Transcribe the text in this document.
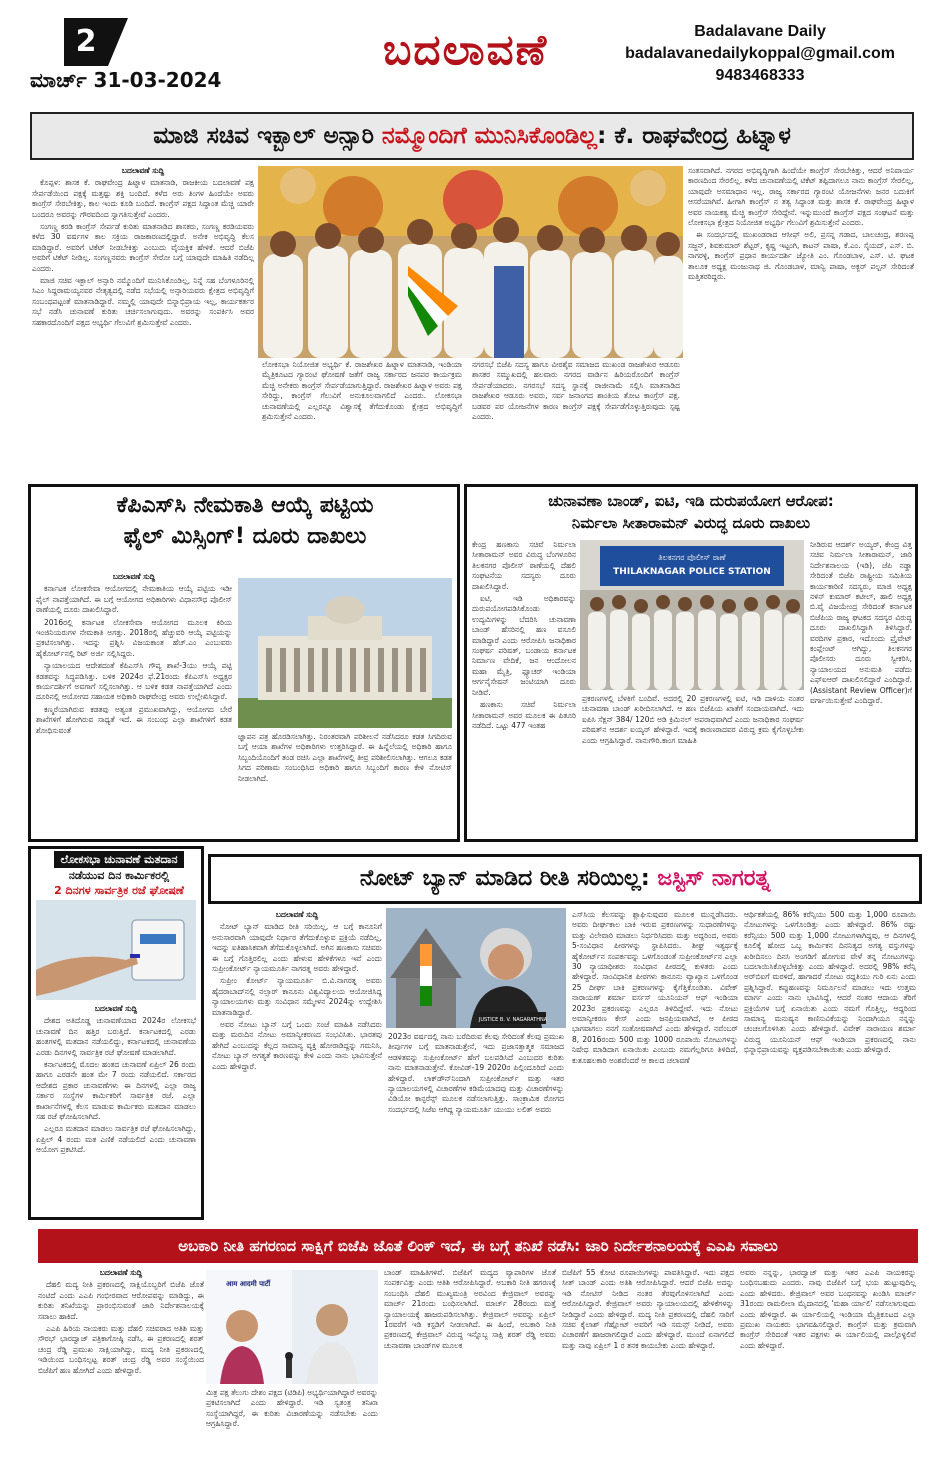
2
ಮಾರ್ಚ್ 31-03-2024
ಬದಲಾವಣೆ	Badalavane Daily
badalavanedailykoppal@gmail.com
9483468333
ಮಾಜಿ ಸಚಿವ ಇಕ್ಬಾಲ್ ಅನ್ಸಾರಿ ನಮ್ಮೊಂದಿಗೆ ಮುನಿಸಿಕೊಂಡಿಲ್ಲ: ಕೆ. ರಾಘವೇಂದ್ರ ಹಿಟ್ನಾಳ
ಬದಲಾವಣೆ ಸುದ್ದಿ

ಕೊಪ್ಪಳ: ಶಾಸಕ ಕೆ. ರಾಘವೇಂದ್ರ ಹಿಟ್ನಾಳ ಮಾತನಾಡಿ, ರಾಜಕೀಯ ಬದಲಾವಣೆ ಪಕ್ಷ ಸೇರ್ಪಡೆಯಿಂದ ಪಕ್ಷಕ್ಕೆ ಮತ್ತಷ್ಟು ಶಕ್ತಿ ಬಂದಿದೆ. ಕಳೆದ ಅರು ತಿಂಗಳ ಹಿಂದೆಯೇ ಅವರು ಕಾಂಗ್ರೆಸ್ ಸೇರಬೇಕಿತ್ತು, ಕಾಲ ಇಂದು ಕೂಡಿ ಬಂದಿದೆ. ಕಾಂಗ್ರೆಸ್ ಪಕ್ಷದ ಸಿದ್ಧಾಂತ ಮೆಚ್ಚಿ ಯಾರೇ ಬಂದರೂ ಅವರನ್ನು ಗೌರವದಿಂದ ಸ್ವಾಗತಿಸುತ್ತೇವೆ ಎಂದರು.

ಸಂಗಣ್ಣ ಕರಡಿ ಕಾಂಗ್ರೆಸ್ ಸೇರ್ಪಡೆ ಕುರಿತು ಮಾತನಾಡಿದ ಶಾಸಕರು, ಸಂಗಣ್ಣ ಕರಡಿಯವರು ಕಳೆದ 30 ವರ್ಷಗಳ ಕಾಲ ಸಕ್ರಿಯ ರಾಜಕಾರಣದಲ್ಲಿದ್ದಾರೆ. ಅನೇಕ ಅಭಿವೃದ್ಧಿ ಕೆಲಸ ಮಾಡಿದ್ದಾರೆ. ಅವರಿಗೆ ಟಿಕೆಟ್ ನೀಡಬೇಕಿತ್ತು ಎಂಬುದು ವೈಯಕ್ತಿಕ ಹೇಳಿಕೆ. ಆದರೆ ಬಿಜೆಪಿ ಅವರಿಗೆ ಟಿಕೆಟ್ ನೀಡಿಲ್ಲ. ಸಂಗಣ್ಣನವರು ಕಾಂಗ್ರೆಸ್ ಸೇರೋ ಬಗ್ಗೆ ಯಾವುದೇ ಮಾಹಿತಿ ನಡೆದಿಲ್ಲ ಎಂದರು.

ಮಾಜಿ ಸಚಿವ ಇಕ್ಬಾಲ್ ಅನ್ಸಾರಿ ನಮ್ಮೊಂದಿಗೆ ಮುನಿಸಿಕೊಂಡಿಲ್ಲ, ನಿನ್ನೆ ಸಹ ಬೆಂಗಳೂರಿನಲ್ಲಿ ಸಿಎಂ ಸಿದ್ದರಾಮಯ್ಯನವರ ನೇತೃತ್ವದಲ್ಲಿ ನಡೆದ ಸಭೆಯಲ್ಲಿ ಅನ್ಸಾರಿಯವರು ಕ್ಷೇತ್ರದ ಅಭಿವೃದ್ಧಿಗೆ ಸಂಬಂಧಪಟ್ಟಂತೆ ಮಾತನಾಡಿದ್ದಾರೆ. ನಮ್ಮಲ್ಲಿ ಯಾವುದೇ ಬಿನ್ನಾಭಿಪ್ರಾಯ ಇಲ್ಲ, ಕಾರ್ಯಕರ್ತರ ಸಭೆ ನಡೆಸಿ ಚುನಾವಣೆ ಕುರಿತು ಚರ್ಚಿಸಲಾಗುವುದು. ಅವರನ್ನು ಸಂಪರ್ಕಿಸಿ ಅವರ ಸಹಕಾರದೊಂದಿಗೆ ಪಕ್ಷದ ಅಭ್ಯರ್ಥಿ ಗೆಲುವಿಗೆ ಶ್ರಮಿಸುತ್ತೇವೆ ಎಂದರು.

ಲೋಕಸಭಾ ನಿಯೋಜಿತ ಅಭ್ಯರ್ಥಿ ಕೆ. ರಾಜಶೇಖರ ಹಿಟ್ನಾಳ ಮಾತನಾಡಿ, ಇಂಡಿಯಾ ಮೈತ್ರಿಕೂಟದ ಗ್ಯಾರಂಟಿ ಘೋಷಣೆ ಜತೆಗೆ ರಾಜ್ಯ ಸರ್ಕಾರದ ಜನಪರ ಕಾರ್ಯಕ್ರಮ ಮೆಚ್ಚಿ ಅನೇಕರು ಕಾಂಗ್ರೆಸ್ ಸೇರ್ಪಡೆಯಾಗುತ್ತಿದ್ದಾರೆ. ರಾಜಶೇಖರ ಹಿಟ್ನಾಳ ಅವರು ಪಕ್ಷ ಸೇರಿದ್ದು, ಕಾಂಗ್ರೆಸ್ ಗೆಲುವಿಗೆ ಅನುಕೂಲವಾಗಲಿದೆ ಎಂದರು. ಲೋಕಸಭಾ ಚುನಾವಣೆಯಲ್ಲಿ ಎಲ್ಲರನ್ನೂ ವಿಶ್ವಾಸಕ್ಕೆ ತೆಗೆದುಕೊಂಡು ಕ್ಷೇತ್ರದ ಅಭಿವೃದ್ಧಿಗೆ ಶ್ರಮಿಸುತ್ತೇನೆ ಎಂದರು.
ನಗರಸಭೆ ಬಿಜೆಪಿ ಸದಸ್ಯ ಹಾಗೂ ವೀರಶೈವ ಸಮಾಜದ ಮುಖಂಡ ರಾಜಶೇಖರ ಆಡೂರು ಶಾಸಕರ ಸಮ್ಮುಖದಲ್ಲಿ ಹಲವಾರು ನಗರದ ವಾರ್ಡಿನ ಹಿರಿಯರೊಂದಿಗೆ ಕಾಂಗ್ರೆಸ್ ಸೇರ್ಪಡೆಯಾದರು. ನಗರಸಭೆ ಸದಸ್ಯ ಸ್ಥಾನಕ್ಕೆ ರಾಜೀನಾಮೆ ಸಲ್ಲಿಸಿ ಮಾತನಾಡಿದ ರಾಜಶೇಖರ ಆಡೂರು ಅವರು, ಸರ್ವ ಜನಾಂಗದ ಶಾಂತಿಯ ತೋಟ ಕಾಂಗ್ರೆಸ್ ಪಕ್ಷ. ಬಡವರ ಪರ ಯೋಜನೆಗಳ ಕಾರಣ ಕಾಂಗ್ರೆಸ್ ಪಕ್ಷಕ್ಕೆ ಸೇರ್ಪಡೆಗೊಳ್ಳುತ್ತಿರುವುದು ಸ್ಪಷ್ಟ ಎಂದರು.

ಸಂತಸವಾಗಿದೆ. ನಗರದ ಅಭಿವೃದ್ಧಿಗಾಗಿ ಹಿಂದೆಯೇ ಕಾಂಗ್ರೆಸ್ ಸೇರಬೇಕಿತ್ತು, ಆದರೆ ಅನಿವಾರ್ಯ ಕಾರಣದಿಂದ ಸೇರಲಿಲ್ಲ. ಕಳೆದ ಚುನಾವಣೆಯಲ್ಲಿ ಟಿಕೆಟ್ ತಪ್ಪಿದಾಗಲೂ ನಾನು ಕಾಂಗ್ರೆಸ್ ಸೇರಲಿಲ್ಲ, ಯಾವುದೇ ಅಸಮಾಧಾನ ಇಲ್ಲ. ರಾಜ್ಯ ಸರ್ಕಾರದ ಗ್ಯಾರಂಟಿ ಯೋಜನೆಗಳು ಜನರ ಬದುಕಿಗೆ ಆಸರೆಯಾಗಿವೆ. ಹೀಗಾಗಿ ಕಾಂಗ್ರೆಸ್ ನ ತತ್ವ ಸಿದ್ಧಾಂತ ಮತ್ತು ಶಾಸಕ ಕೆ. ರಾಘವೇಂದ್ರ ಹಿಟ್ನಾಳ ಅವರ ನಾಯಕತ್ವ ಮೆಚ್ಚಿ ಕಾಂಗ್ರೆಸ್ ಸೇರಿದ್ದೇನೆ. ಇನ್ನುಮುಂದೆ ಕಾಂಗ್ರೆಸ್ ಪಕ್ಷದ ಸಂಘಟನೆ ಮತ್ತು ಲೋಕಸಭಾ ಕ್ಷೇತ್ರದ ನಿಯೋಜಿತ ಅಭ್ಯರ್ಥಿ ಗೆಲುವಿಗೆ ಶ್ರಮಿಸುತ್ತೇನೆ ಎಂದರು.

ಈ ಸಂದರ್ಭದಲ್ಲಿ ಮುಖಂಡರಾದ ಆಸೀಫ್ ಅಲಿ, ಪ್ರಸನ್ನ ಗಡಾದ, ಬಾಲಚಂದ್ರ, ಶರಣಪ್ಪ ಸಜ್ಜನ್, ಶಿವಕುಮಾರ್ ಶೆಟ್ಟರ್, ಕೃಷ್ಣ ಇಟ್ಟಂಗಿ, ಕಾಟನ್ ಪಾಷಾ, ಕೆ.ಎಂ. ಸೈಯದ್, ಎಸ್. ಬಿ. ನಾಗರಳ್ಳಿ, ಕಾಂಗ್ರೆಸ್ ಪ್ರಧಾನ ಕಾರ್ಯದರ್ಶಿ ಜ್ಯೋತಿ ಎಂ. ಗೊಂಡಬಾಳ, ಎಸ್. ಟಿ. ಘಟಕ ತಾಲೂಕ ಅಧ್ಯಕ್ಷ ಮಂಜುನಾಥ ಜಿ. ಗೊಂಡಬಾಳ, ಮಾನ್ವಿ ಪಾಷಾ, ಅಕ್ಬರ್ ಪಲ್ಟನ್ ಸೇರಿದಂತೆ ಮತ್ತಿತರರಿದ್ದರು.

ಕೆಪಿಎಸ್‌ಸಿ ನೇಮಕಾತಿ ಆಯ್ಕೆ ಪಟ್ಟಿಯ
ಫೈಲ್ ಮಿಸ್ಸಿಂಗ್! ದೂರು ದಾಖಲು
ಬದಲಾವಣೆ ಸುದ್ದಿ

ಕರ್ನಾಟಕ ಲೋಕಸೇವಾ ಆಯೋಗದಲ್ಲಿ ನೇಮಕಾತಿಯ ಆಯ್ಕೆ ಪಟ್ಟಿಯ ಇಡೀ ಫೈಲ್ ನಾಪತ್ತೆಯಾಗಿದೆ. ಈ ಬಗ್ಗೆ ಆಯೋಗದ ಅಧಿಕಾರಿಗಳು ವಿಧಾನಸೌಧ ಪೊಲೀಸ್ ಠಾಣೆಯಲ್ಲಿ ದೂರು ದಾಖಲಿಸಿದ್ದಾರೆ.

2016ರಲ್ಲಿ ಕರ್ನಾಟಕ ಲೋಕಸೇವಾ ಆಯೋಗದ ಮೂಲಕ ಕಿರಿಯ ಇಂಜಿನಿಯರುಗಳ ನೇಮಕಾತಿ ಅಗತ್ತು. 2018ರಲ್ಲಿ ಹೆಚ್ಚುವರಿ ಆಯ್ಕೆ ಪಟ್ಟಿಯನ್ನು ಪ್ರಕಟಿಸಲಾಗಿತ್ತು. ಇದನ್ನು ಪ್ರಶ್ನಿಸಿ ವಿಜಯಕಾಂತ ಹೆಚ್.ಎಂ ಎಂಬುವರು ಹೈಕೋರ್ಟ್‌ನಲ್ಲಿ ರಿಟ್ ಅರ್ಜಿ ಸಲ್ಲಿಸಿದ್ದರು.

ನ್ಯಾಯಾಲಯದ ಆದೇಶದಂತೆ ಕೆಪಿಎಸ್‌ಸಿ ಗೌಪ್ಯ ಶಾಖೆ-3ಯು ಆಯ್ಕೆ ಪಟ್ಟಿ ಕಡತವನ್ನು ಸಿದ್ಧಪಡಿಸಿತ್ತು. ಬಳಿಕ 2024ರ ಫೆ.21ರಂದು ಕೆಪಿಎಸ್‌ಸಿ ಅಧ್ಯಕ್ಷರ ಕಾರ್ಯದರ್ಶಿಗೆ ಅವಗಾಗೆ ಸಲ್ಲಿಸಲಾಗಿತ್ತು. ಆ ಬಳಿಕ ಕಡತ ನಾಪತ್ತೆಯಾಗಿದೆ ಎಂದು ದೂರಿನಲ್ಲಿ ಆಯೋಗದ ಸಹಾಯಕ ಅಧಿಕಾರಿ ರಾಘವೇಂದ್ರ ಅವರು ಉಲ್ಲೇಖಿಸಿದ್ದಾರೆ.

ಕಣ್ಮರೆಯಾಗಿರುವ ಕಡತವು ಅತ್ಯಂತ ಪ್ರಮುಖವಾಗಿದ್ದು, ಆಯೋಗದ ಬೇರೆ ಶಾಖೆಗಳಿಗೆ ಹೋಗಿರುವ ಸಾಧ್ಯತೆ ಇದೆ. ಈ ಸಂಬಂಧ ಎಲ್ಲಾ ಶಾಖೆಗಳಿಗೆ ಕಡತ ಶೋಧಿಸುವಂತೆ

ಜ್ಞಾಪನ ಪತ್ರ ಹೊರಡಿಸಲಾಗಿತ್ತು. ನಿರಂತರವಾಗಿ ಪರಿಶೀಲನೆ ನಡೆಸಿದರೂ ಕಡತ ಸಿಗದಿರುವ ಬಗ್ಗೆ ಆಯಾ ಶಾಖೆಗಳ ಅಧಿಕಾರಿಗಳು ಉತ್ತರಿಸಿದ್ದಾರೆ. ಈ ಹಿನ್ನೆಲೆಯಲ್ಲಿ ಅಧಿಕಾರಿ ಹಾಗೂ ಸಿಬ್ಬಂದಿಯೊಂದಿಗೆ ತಂಡ ರಚಿಸಿ ಎಲ್ಲಾ ಶಾಖೆಗಳಲ್ಲಿ ತೀವ್ರ ಪರಿಶೀಲಿಸಲಾಗಿತ್ತು. ಆಗಲೂ ಕಡತ ಸಿಗದ ಪರಿಣಾಮ ಸಂಬಂಧಿಸಿದ ಅಧಿಕಾರಿ ಹಾಗೂ ಸಿಬ್ಬಂದಿಗೆ ಕಾರಣ ಕೇಳಿ ನೋಟಿಸ್ ನೀಡಲಾಗಿದೆ.
ಚುನಾವಣಾ ಬಾಂಡ್, ಐಟಿ, ಇಡಿ ದುರುಪಯೋಗ ಆರೋಪ:
ನಿರ್ಮಲಾ ಸೀತಾರಾಮನ್ ವಿರುದ್ಧ ದೂರು ದಾಖಲು

ಕೇಂದ್ರ ಹಣಕಾಸು ಸಚಿವೆ ನಿರ್ಮಲಾ ಸೀತಾರಾಮನ್ ಅವರ ವಿರುದ್ಧ ಬೆಂಗಳೂರಿನ ತಿಲಕನಗರ ಪೊಲೀಸ್ ಠಾಣೆಯಲ್ಲಿ ದೆಹಲಿ ಸಂಘಟನೆಯ ಸದಸ್ಯರು ದೂರು ದಾಖಲಿಸಿದ್ದಾರೆ.

ಐಟಿ, ಇಡಿ ಅಧಿಕಾರವನ್ನು ದುರುಪಯೋಗಪಡಿಸಿಕೊಂಡು ಉದ್ಯಮಿಗಳನ್ನು ಬೆದರಿಸಿ ಚುನಾವಣಾ ಬಾಂಡ್ ಹೆಸರಿನಲ್ಲಿ ಹಣ ವಸೂಲಿ ಮಾಡಿದ್ದಾರೆ ಎಂದು ಆರೋಪಿಸಿ ಜನಾಧಿಕಾರ ಸಂಘರ್ಷ ಪರಿಷತ್, ಬಂಡಾಯ ಕರ್ನಾಟಕ ನಿರ್ಮಾಣ ವೇದಿಕೆ, ಜನ ಆಂದೋಲನ ಮಹಾ ಮೈತ್ರಿ, ಫ್ಯೂಚರ್ ಇಂಡಿಯಾ ಆರ್ಗನೈಸೇಷನ್ ಜಂಟಿಯಾಗಿ ದೂರು ನೀಡಿವೆ.

ಹಣಕಾಸು ಸಚಿವೆ ನಿರ್ಮಲಾ ಸೀತಾರಾಮನ್ ಅವರ ಮೂಲಕ ಈ ಪಿತೂರಿ ನಡೆದಿದೆ. ಒಟ್ಟು 477 ಇಂತಹ

ತಿಲಕನಗರ ಪೊಲೀಸ್ ಠಾಣೆ
THILAKNAGAR POLICE STATION

ಪ್ರಕರಣಗಳಲ್ಲಿ ಬೆಳಕಿಗೆ ಬಂದಿವೆ. ಅದರಲ್ಲಿ 20 ಪ್ರಕರಣಗಳಲ್ಲಿ ಐಟಿ, ಇಡಿ ದಾಳಿಯ ನಂತರ ಚುನಾವಣಾ ಬಾಂಡ್ ಖರೀದಿಸಲಾಗಿದೆ. ಆ ಹಣ ಬಿಜೆಪಿಯ ಖಾತೆಗೆ ಸಂದಾಯವಾಗಿದೆ. ಇದು ಐಪಿಸಿ ಸೆಕ್ಷನ್ 384/ 120ಬಿ ಅಡಿ ಕ್ರಿಮಿನಲ್ ಅಪರಾಧವಾಗಿದೆ ಎಂದು ಜನಾಧಿಕಾರ ಸಂಘರ್ಷ ಪರಿಷತ್‌ನ ಆದರ್ಶ ಐಯ್ಯರ್ ಹೇಳಿದ್ದಾರೆ. ಇದಕ್ಕೆ ಕಾರಣರಾದವರ ವಿರುದ್ಧ ಕ್ರಮ ಕೈಗೊಳ್ಳಬೇಕು ಎಂದು ಆಗ್ರಹಿಸಿದ್ದಾರೆ. ನಾನುಗೌರಿ.ಕಾಂಗ ಮಾಹಿತಿ

ನೀಡಿರುವ ಆದರ್ಶ್ ಅಯ್ಯರ್, ಕೇಂದ್ರ ವಿತ್ತ ಸಚಿವ ನಿರ್ಮಲಾ ಸೀತಾರಾಮನ್, ಜಾರಿ ನಿರ್ದೇಶನಾಲಯ (ಇಡಿ), ಜೆಪಿ ನಡ್ಡಾ ಸೇರಿದಂತೆ ಬಿಜೆಪಿ ರಾಷ್ಟ್ರೀಯ ಸಮಿತಿಯ ಕಾರ್ಯಕಾರಿಣಿ ಸದಸ್ಯರು, ಮಾಜಿ ಅಧ್ಯಕ್ಷ ನಳಿನ್ ಕುಮಾರ್ ಕಟೀಲ್, ಹಾಲಿ ಅಧ್ಯಕ್ಷ ಬಿ.ವೈ ವಿಜಯೇಂದ್ರ ಸೇರಿದಂತೆ ಕರ್ನಾಟಕ ಬಿಜೆಪಿಯ ರಾಜ್ಯ ಘಟಕದ ಸದಸ್ಯರ ವಿರುದ್ಧ ದೂರು ದಾಖಲಿಸಿದ್ದಾಗಿ ತಿಳಿಸಿದ್ದಾರೆ. ವರದಿಗಳ ಪ್ರಕಾರ, ಇದೊಂದು ಪ್ರೈವೇಟ್ ಕಂಪ್ಲೇಂಟ್ ಆಗಿದ್ದು, ತಿಲಕನಗರ ಪೊಲೀಸರು ದೂರು ಸ್ವೀಕರಿಸಿ, ನ್ಯಾಯಾಲಯದ ಅನುಮತಿ ಪಡೆದು ಎಫ್ಐಆರ್ ದಾಖಲಿಸಲಿದ್ದಾರೆ ಎಂದಿದ್ದಾರೆ. (Assistant Review Officer)ಗೆ ವರ್ಗಾಯಿಸುತ್ತೇವೆ ಎಂದಿದ್ದಾರೆ.

ಲೋಕಸಭಾ ಚುನಾವಣೆ ಮತದಾನ
ನಡೆಯುವ ದಿನ ಕಾರ್ಮಿಕರಲ್ಲಿ
2 ದಿನಗಳ ಸಾರ್ವತ್ರಿಕ ರಜೆ ಘೋಷಣೆ
ಬದಲಾವಣೆ ಸುದ್ದಿ

ದೇಶದ ಅತಿದೊಡ್ಡ ಚುನಾವಣೆಯಾದ 2024ರ ಲೋಕಸಭೆ ಚುನಾವಣೆ ದಿನ ಹತ್ತಿರ ಬರುತ್ತಿದೆ. ಕರ್ನಾಟಕದಲ್ಲಿ ಎರಡು ಹಂತಗಳಲ್ಲಿ ಮತದಾನ ನಡೆಯಲಿದ್ದು, ಕರ್ನಾಟಕದಲ್ಲಿ ಚುನಾವಣೆಯ ಎರಡು ದಿನಗಳಲ್ಲಿ ಸಾರ್ವತ್ರಿಕ ರಜೆ ಘೋಷಣೆ ಮಾಡಲಾಗಿದೆ.

ಕರ್ನಾಟಕದಲ್ಲಿ ಮೊದಲ ಹಂತದ ಚುನಾವಣೆ ಏಪ್ರಿಲ್ 26 ರಂದು ಹಾಗೂ ಎರಡನೇ ಹಂತ ಮೇ 7 ರಂದು ನಡೆಯಲಿದೆ. ಸರ್ಕಾರದ ಆದೇಶದ ಪ್ರಕಾರ ಚುನಾವಣೆಗಳು ಈ ದಿನಗಳಲ್ಲಿ ಎಲ್ಲಾ ರಾಜ್ಯ ಸರ್ಕಾರ ಸಂಸ್ಥೆಗಳ ಕಾರ್ಮಿಕರಿಗೆ ಸಾರ್ವತ್ರಿಕ ರಜೆ. ಎಲ್ಲಾ ಕಾರ್ಖಾನೆಗಳಲ್ಲಿ ಕೆಲಸ ಮಾಡುವ ಕಾರ್ಮಿಕರು ಮತದಾನ ಮಾಡಲು ಸಹ ರಜೆ ಘೋಷಿಸಲಾಗಿದೆ.

ಎಲ್ಲರೂ ಮತದಾನ ಮಾಡಲು ಸಾರ್ವತ್ರಿಕ ರಜೆ ಘೋಷಿಸಲಾಗಿದ್ದು, ಏಪ್ರಿಲ್ 4 ರಂದು ಮತ ಎಣಿಕೆ ನಡೆಯಲಿದೆ ಎಂದು ಚುನಾವಣಾ ಆಯೋಗ ಪ್ರಕಟಿಸಿದೆ.

ನೋಟ್ ಬ್ಯಾನ್ ಮಾಡಿದ ರೀತಿ ಸರಿಯಿಲ್ಲ: ಜಸ್ಟಿಸ್ ನಾಗರತ್ನ
ಬದಲಾವಣೆ ಸುದ್ದಿ

ನೋಟ್ ಬ್ಯಾನ್ ಮಾಡಿದ ರೀತಿ ಸರಿಯಿಲ್ಲ, ಆ ಬಗ್ಗೆ ಕಾನೂನಿಗೆ ಅನುಸಾರವಾಗಿ ಯಾವುದೇ ನಿರ್ಧಾರ ತೆಗೆದುಕೊಳ್ಳುವ ಪ್ರಕ್ರಿಯೆ ನಡೆದಿಲ್ಲ, ಇದನ್ನು ಐತಿಹಾಸಿಕವಾಗಿ ತೆಗೆದುಕೊಳ್ಳಲಾಗಿದೆ. ಅಗಿನ ಹಣಕಾಸು ಸಚಿವರು ಈ ಬಗ್ಗೆ ಗೊತ್ತಿರಲಿಲ್ಲ ಎಂದು ಹೇಳುವ ಹೇಳಿಕೆಗಳೂ ಇವೆ ಎಂದು ಸುಪ್ರೀಂಕೋರ್ಟ್ ನ್ಯಾಯಮೂರ್ತಿ ನಾಗರತ್ನ ಅವರು ಹೇಳಿದ್ದಾರೆ.

ಸುಪ್ರೀಂ ಕೋರ್ಟ್ ನ್ಯಾಯಮೂರ್ತಿ ಬಿ.ವಿ.ನಾಗರತ್ನ ಅವರು ಹೈದರಾಬಾದ್‌ನಲ್ಲಿ ನಲ್ಸಾರ್ ಕಾನೂನು ವಿಶ್ವವಿದ್ಯಾಲಯ ಆಯೋಜಿಸಿದ್ದ ನ್ಯಾಯಾಲಯಗಳು ಮತ್ತು ಸಂವಿಧಾನ ಸಮ್ಮೇಳನ 2024ನ್ನು ಉದ್ದೇಶಿಸಿ ಮಾತನಾಡಿದ್ದಾರೆ.

ಅವರ ನೋಟು ಬ್ಯಾನ್ ಬಗ್ಗೆ ಒಂದು ಸಂಜೆ ಮಾಹಿತಿ ನಡೆಸಿದರು ಮತ್ತು ಮರುದಿನ ನೋಟು ಅಮಾನ್ಯೀಕರಣದ ಸಂಭವಿಸಿತು. ಭಾರತವು ಹೇಗಿದೆ ಎಂಬುದನ್ನು ಕೆಲ್ಲದ ಸಾಮಾನ್ಯ ವ್ಯಕ್ತಿ ಹೋರಾಡಿದ್ದನ್ನು ಗಮನಿಸಿ, ನೋಟು ಬ್ಯಾನ್ ಅಗತ್ಯತೆ ಕಾರಣವನ್ನು ಕೇಳಿ ಎಂದು ನಾನು ಭಾವಿಸುತ್ತೇನೆ ಎಂದು ಹೇಳಿದ್ದಾರೆ.

JUSTICE B. V. NAGARATHNA

2023ರ ವರ್ಷದಲ್ಲಿ ನಾನು ಬರೆದಿರುವ ಕೆಲವು ಸೇರಿದಂತೆ ಕೆಲವು ಪ್ರಮುಖ ತೀರ್ಪುಗಳ ಬಗ್ಗೆ ಮಾತನಾಡುತ್ತೇನೆ, ಇದು ಪ್ರಜಾಸತ್ತಾತ್ಮಕ ಸಮಾಜದ ಆಡಳಿತವನ್ನು ಸುಪ್ರೀಂಕೋರ್ಟ್ ಹೇಗೆ ಬಲಪಡಿಸಿದೆ ಎಂಬುದರ ಕುರಿತು ನಾನು ಮಾತನಾಡುತ್ತೇನೆ. ಕೋವಿಡ್-19 2020ರ ಪಿಲ್ಗಿಂದೂರಿದೆ ಎಂದು ಹೇಳಿದ್ದಾರೆ. ಲಾಕ್‌ಡೌನ್‌ನಿಂದಾಗಿ ಸುಪ್ರೀಂಕೋರ್ಟ್ ಮತ್ತು ಇತರ ನ್ಯಾಯಾಲಯಗಳಲ್ಲಿ ವಿಚಾರಣೆಗಳ ಕಡಿಮೆಯಾದವು ಮತ್ತು ವಿಚಾರಣೆಗಳನ್ನು ವಿಡಿಯೋ ಕಾನ್ಫರೆನ್ಸ್ ಮೂಲಕ ನಡೆಸಲಾಗುತ್ತಿತ್ತು. ಸಾಂಕ್ರಾಮಿಕ ರೋಗದ ಸಂದರ್ಭದಲ್ಲಿ ಸಿಜೆಐ ಆಗಿದ್ದ ನ್ಯಾಯಮೂರ್ತಿ ಯುಯು ಲಲಿತ್ ಅವರು

ಎಸ್‌ಸಿಯ ಕೆಲಸವನ್ನು ಶ್ಲಾಘಿಸುವುದರ ಮೂಲಕ ಮುನ್ನಡೆಸಿದರು. ಅವರು ದೀರ್ಘಕಾಲ ಬಾಕಿ ಇರುವ ಪ್ರಕರಣಗಳನ್ನು ಸುಧಾರಣೆಗಳನ್ನು ಮತ್ತು ವಿಲೇವಾರಿ ಮಾಡಲು ನಿರ್ಧರಿಸಿದರು ಮತ್ತು ಅದ್ದರಿಂದ, ಅವರು 5-ಸಂವಿಧಾನ ಪೀಠಗಳನ್ನು ಸ್ಥಾಪಿಸಿದರು. ಶೀಘ್ರ ಇತ್ಯರ್ಥಕ್ಕೆ ಹೈಕೋರ್ಟ್‌ನ ಸಂಪರ್ಕವನ್ನು ಒಳಗೊಂಡಂತೆ ಸುಪ್ರೀಂಕೋರ್ಟ್‌ನ ಎಲ್ಲಾ 30 ನ್ಯಾಯಾಧೀಶರು ಸಂವಿಧಾನ ಪೀಠದಲ್ಲಿ ಕುಳಿತರು ಎಂದು ಹೇಳಿದ್ದಾರೆ. ಸಾಂವಿಧಾನಿಕ ಪೀಠಗಳು ಕಾನೂನು ವ್ಯಾಖ್ಯಾನ ಒಳಗೊಂಡ 25 ದೀರ್ಘ ಬಾಕಿ ಪ್ರಕರಣಗಳನ್ನು ಕೈಗೆತ್ತಿಕೊಂಡಿತು. ವಿವೇಕ್ ನಾರಾಯಣ್ ಶರ್ಮಾ ವರ್ಸಸ್ ಯೂನಿಯನ್ ಆಫ್ ಇಂಡಿಯಾ 2023ರ ಪ್ರಕರಣವನ್ನು ಎಲ್ಲರೂ ತಿಳಿದಿದ್ದೇವೆ. ಇದು ನೋಟು ಅಮಾನ್ಯೀಕರಣ ಕೇಸ್ ಎಂದು ಜನಪ್ರಿಯವಾಗಿದೆ, ಆ ಪೀಠದ ಭಾಗವಾಗಲು ನನಗೆ ಸಂತೋಷವಾಗಿದೆ ಎಂದು ಹೇಳಿದ್ದಾರೆ. ನವೆಂಬರ್ 8, 2016ರಂದು 500 ಮತ್ತು 1000 ರೂಪಾಯಿ ನೋಟುಗಳನ್ನು ನಿಷೇಧ ಮಾಡಿದಾಗ ಏನಾಯಿತು ಎಂಬುದು ನಮಗೆಲ್ಲರಿಗೂ ತಿಳಿದಿದೆ, ಕುತೂಹಲಕಾರಿ ಅಂಶವೆಂದರೆ ಆ ಕಾಲದ ಚಲಾವಣೆ

ಆರ್ಥಿಕತೆಯಲ್ಲಿ 86% ಕರೆನ್ಸಿಯು 500 ಮತ್ತು 1,000 ರೂಪಾಯಿ ನೋಟುಗಳನ್ನು ಒಳಗೊಂಡಿತ್ತು ಎಂದು ಹೇಳಿದ್ದಾರೆ. 86% ರಷ್ಟು ಕರೆನ್ಸಿಯು 500 ಮತ್ತು 1,000 ನೋಟುಗಳಾಗಿದ್ದವು, ಆ ದಿನಗಳಲ್ಲಿ ಕೂಲಿಕ್ಕೆ ಹೋದ ಒಬ್ಬ ಕಾರ್ಮಿಕನ ದಿನನಿತ್ಯದ ಅಗತ್ಯ ವಸ್ತುಗಳನ್ನು ಖರೀದಿಸಲು ದಿನಸಿ ಅಂಗಡಿಗೆ ಹೋಗುವ ವೇಳೆ ತನ್ನ ನೋಟುಗಳನ್ನು ಬದಲಾಯಿಸಿಕೊಳ್ಳಬೇಕಿತ್ತು ಎಂದು ಹೇಳಿದ್ದಾರೆ. ಅದರಲ್ಲಿ 98% ಕರೆನ್ಸಿ ಅರ್‌ಬಿಐಗೆ ಮರಳಿದೆ, ಹಾಗಾದರೆ ನೋಟು ರದ್ದತಿಯು ಗುರಿ ಏನು ಎಂದು ಪ್ರಶ್ನಿಸಿದ್ದಾರೆ. ಕಪ್ಪುಹಣವನ್ನು ನಿರ್ಮೂಲನೆ ಮಾಡಲು ಇದು ಉತ್ತಮ ಮಾರ್ಗ ಎಂದು ನಾನು ಭಾವಿಸಿದ್ದೆ, ಆದರೆ ನಂತರ ಆದಾಯ ತೆರಿಗೆ ಪ್ರಕ್ರಿಯೆಗಳ ಬಗ್ಗೆ ಏನಾಯಿತು ಎಂದು ನಮಗೆ ಗೊತ್ತಿಲ್ಲ, ಆದ್ದರಿಂದ ಸಾಮಾನ್ಯ ಮನುಷ್ಯನ ಕಾಣಿಸುವಿಕೆಯನ್ನು ನಿಂದಾಗಿಯೂ ನನ್ನನ್ನು ಚಂಚಲಗೊಳಿಸಿತು ಎಂದು ಹೇಳಿದ್ದಾರೆ. ವಿವೇಕ್ ನಾರಾಯಣ ಶರ್ಮಾ ವಿರುದ್ಧ ಯೂನಿಯನ್ ಆಫ್ ಇಂಡಿಯಾ ಪ್ರಕರಣದಲ್ಲಿ ನಾನು ಭಿನ್ನಾಭಿಪ್ರಾಯವನ್ನು ವ್ಯಕ್ತಪಡಿಸಬೇಕಾಯಿತು ಎಂದು ಹೇಳಿದ್ದಾರೆ.

ಅಬಕಾರಿ ನೀತಿ ಹಗರಣದ ಸಾಕ್ಷಿಗೆ ಬಿಜೆಪಿ ಜೊತೆ ಲಿಂಕ್ ಇದೆ, ಈ ಬಗ್ಗೆ ತನಿಖೆ ನಡೆಸಿ: ಜಾರಿ ನಿರ್ದೇಶನಾಲಯಕ್ಕೆ ಎಎಪಿ ಸವಾಲು
ಬದಲಾವಣೆ ಸುದ್ದಿ

ದೆಹಲಿ ಮದ್ಯ ನೀತಿ ಪ್ರಕರಣದಲ್ಲಿ ಸಾಕ್ಷಿಯೊಬ್ಬರಿಗೆ ಬಿಜೆಪಿ ಜೊತೆ ನಂಟಿದೆ ಎಂದು ಎಎಪಿ ಗಂಭೀರವಾದ ಆರೋಪವನ್ನು ಮಾಡಿದ್ದು, ಈ ಕುರಿತು ತನಿಖೆಯನ್ನು ಪ್ರಾರಂಭಿಸುವಂತೆ ಜಾರಿ ನಿರ್ದೇಶನಾಲಯಕ್ಕೆ ಸವಾಲು ಹಾಕಿದೆ.

ಎಎಪಿ ಹಿರಿಯ ನಾಯಕರು ಮತ್ತು ದೆಹಲಿ ಸಚಿವರಾದ ಅತಿಶಿ ಮತ್ತು ಸೌರಭ್ ಭಾರದ್ವಾಜ್ ಪತ್ರಿಕಾಗೋಷ್ಠಿ ನಡೆಸಿ, ಈ ಪ್ರಕರಣದಲ್ಲಿ ಶರತ್ ಚಂದ್ರ ರೆಡ್ಡಿ ಪ್ರಮುಖ ಸಾಕ್ಷಿಯಾಗಿದ್ದು, ಮದ್ಯ ನೀತಿ ಪ್ರಕರಣದಲ್ಲಿ ಇಡಿಯಿಂದ ಬಂಧಿಸಲ್ಪಟ್ಟ ಶರತ್ ಚಂದ್ರ ರೆಡ್ಡಿ ಅವರ ಸಂಸ್ಥೆಯಿಂದ ಬಿಜೆಪಿಗೆ ಹಣ ಹೋಗಿದೆ ಎಂದು ಹೇಳಿದ್ದಾರೆ.

आम आदमी पार्टी
ಮಿತ್ರ ಪಕ್ಷ ತೆಲುಗು ದೇಶಂ ಪಕ್ಷದ (ಟಿಡಿಪಿ) ಅಭ್ಯರ್ಥಿಯಾಗಿದ್ದಾರೆ ಅವರನ್ನು ಪ್ರಕಟಿಸಲಾಗಿದೆ ಎಂದು ಹೇಳಿದ್ದಾರೆ. ಇಡಿ ಸ್ವತಂತ್ರ ತನಿಖಾ ಸಂಸ್ಥೆಯಾಗಿದ್ದರೆ, ಈ ಕುರಿತು ವಿಚಾರಣೆಯನ್ನು ನಡೆಸಬೇಕು ಎಂದು ಆಗ್ರಹಿಸಿದ್ದಾರೆ.

ಬಾಂಡ್ ಮಾಹಿತಿಗಳಿವೆ. ಬಿಜೆಪಿಗೆ ಮದ್ಯದ ವ್ಯಾಪಾರಿಗಳ ಜೊತೆ ಸಂಪರ್ಕವಿತ್ತು ಎಂದು ಆತಿಶಿ ಆರೋಪಿಸಿದ್ದಾರೆ. ಅಬಕಾರಿ ನೀತಿ ಹಗರಣಕ್ಕೆ ಸಂಬಂಧಿಸಿ ದೆಹಲಿ ಮುಖ್ಯಮಂತ್ರಿ ಅರವಿಂದ ಕೇಜ್ರಿವಾಲ್ ಅವರನ್ನು ಮಾರ್ಚ್ 21ರಂದು ಬಂಧಿಸಲಾಗಿದೆ. ಮಾರ್ಚ್ 28ರಂದು ಮತ್ತೆ ನ್ಯಾಯಾಲಯಕ್ಕೆ ಹಾಜರುಪಡಿಸಲಾಗಿತ್ತು. ಕೇಜ್ರಿವಾಲ್ ಅವರನ್ನು ಏಪ್ರಿಲ್ 1ರವರೆಗೆ ಇಡಿ ಕಸ್ಟಡಿಗೆ ನೀಡಲಾಗಿದೆ. ಈ ಹಿಂದೆ, ಅಬಕಾರಿ ನೀತಿ ಪ್ರಕರಣದಲ್ಲಿ ಕೇಜ್ರಿವಾಲ್ ವಿರುದ್ಧ ಇನ್ನೊಬ್ಬ ಸಾಕ್ಷಿ ಶರತ್ ರೆಡ್ಡಿ ಅವರು ಚುನಾವಣಾ ಬಾಂಡ್‌ಗಳ ಮೂಲಕ

ಬಿಜೆಪಿಗೆ 55 ಕೋಟಿ ರೂಪಾಯಿಗಳನ್ನು ಪಾವತಿಸಿದ್ದಾರೆ. ಇದು ಪಕ್ಷದ ಸೀತ್ ಬಾಂಡ್ ಎಂದು ಅತಿಶಿ ಆರೋಪಿಸಿದ್ದಾರೆ. ಆದರೆ ಬಿಜೆಪಿ ಅದನ್ನು ಇಡಿ ನೋಟಿಸ್ ನೀಡಿದ ನಂತರ ತೆರವುಗೊಳಿಸಲಾಗಿದೆ ಎಂದು ಆರೋಪಿಸಿದ್ದಾರೆ. ಕೇಜ್ರಿವಾಲ್ ಅವರು ನ್ಯಾಯಾಲಯದಲ್ಲಿ ಹೇಳಿಕೆಗಳನ್ನು ನೀಡಿದ್ದಾರೆ ಎಂದು ಹೇಳಿದ್ದಾರೆ. ಮದ್ಯ ನೀತಿ ಪ್ರಕರಣದಲ್ಲಿ ದೆಹಲಿ ಸಾರಿಗೆ ಸಚಿವ ಕೈಲಾಶ್ ಗೆಹ್ಲೋಟ್ ಅವರಿಗೆ ಇಡಿ ಸಮನ್ಸ್ ನೀಡಿದೆ, ಅವರು ವಿಚಾರಣೆಗೆ ಹಾಜರಾಗಲಿದ್ದಾರೆ ಎಂದು ಹೇಳಿದ್ದಾರೆ. ಮುಂದೆ ಏನಾಗಲಿದೆ ಮತ್ತು ನಾವು ಏಪ್ರಿಲ್ 1 ರ ತನಕ ಕಾಯಬೇಕು ಎಂದು ಹೇಳಿದ್ದಾರೆ.

ಅವರು ನನ್ನನ್ನು, ಭಾರದ್ವಾಜ್ ಮತ್ತು ಇತರ ಎಎಪಿ ನಾಯಕರನ್ನು ಬಂಧಿಸಬಹುದು ಎಂದರು. ನಾವು ಬಿಜೆಪಿಗೆ ಬಗ್ಗೆ ಭಯ ಹುಟ್ಟುವುದಿಲ್ಲ ಎಂದು ಹೇಳಿದರು. ಕೇಜ್ರಿವಾಲ್ ಅವರ ಬಂಧನವನ್ನು ಖಂಡಿಸಿ ಮಾರ್ಚ್ 31ರಂದು ರಾಮಲೀಲಾ ಮೈದಾನದಲ್ಲಿ 'ಮಹಾ ರ್ಯಾಲಿ' ನಡೆಸಲಾಗುವುದು ಎಂದು ಹೇಳಿದ್ದಾರೆ. ಈ ರ್ಯಾಲಿಯಲ್ಲಿ ಇಂಡಿಯಾ ಮೈತ್ರಿಕೂಟದ ಎಲ್ಲಾ ಪ್ರಮುಖ ನಾಯಕರು ಭಾಗವಹಿಸಲಿದ್ದಾರೆ. ಕಾಂಗ್ರೆಸ್ ಮತ್ತು ಕ್ರಮವಾಗಿ ಕಾಂಗ್ರೆಸ್ ಸೇರಿದಂತೆ ಇತರ ಪಕ್ಷಗಳು ಈ ರ್ಯಾಲಿಯಲ್ಲಿ ಪಾಲ್ಗೊಳ್ಳಲಿವೆ ಎಂದು ಹೇಳಿದ್ದಾರೆ.
